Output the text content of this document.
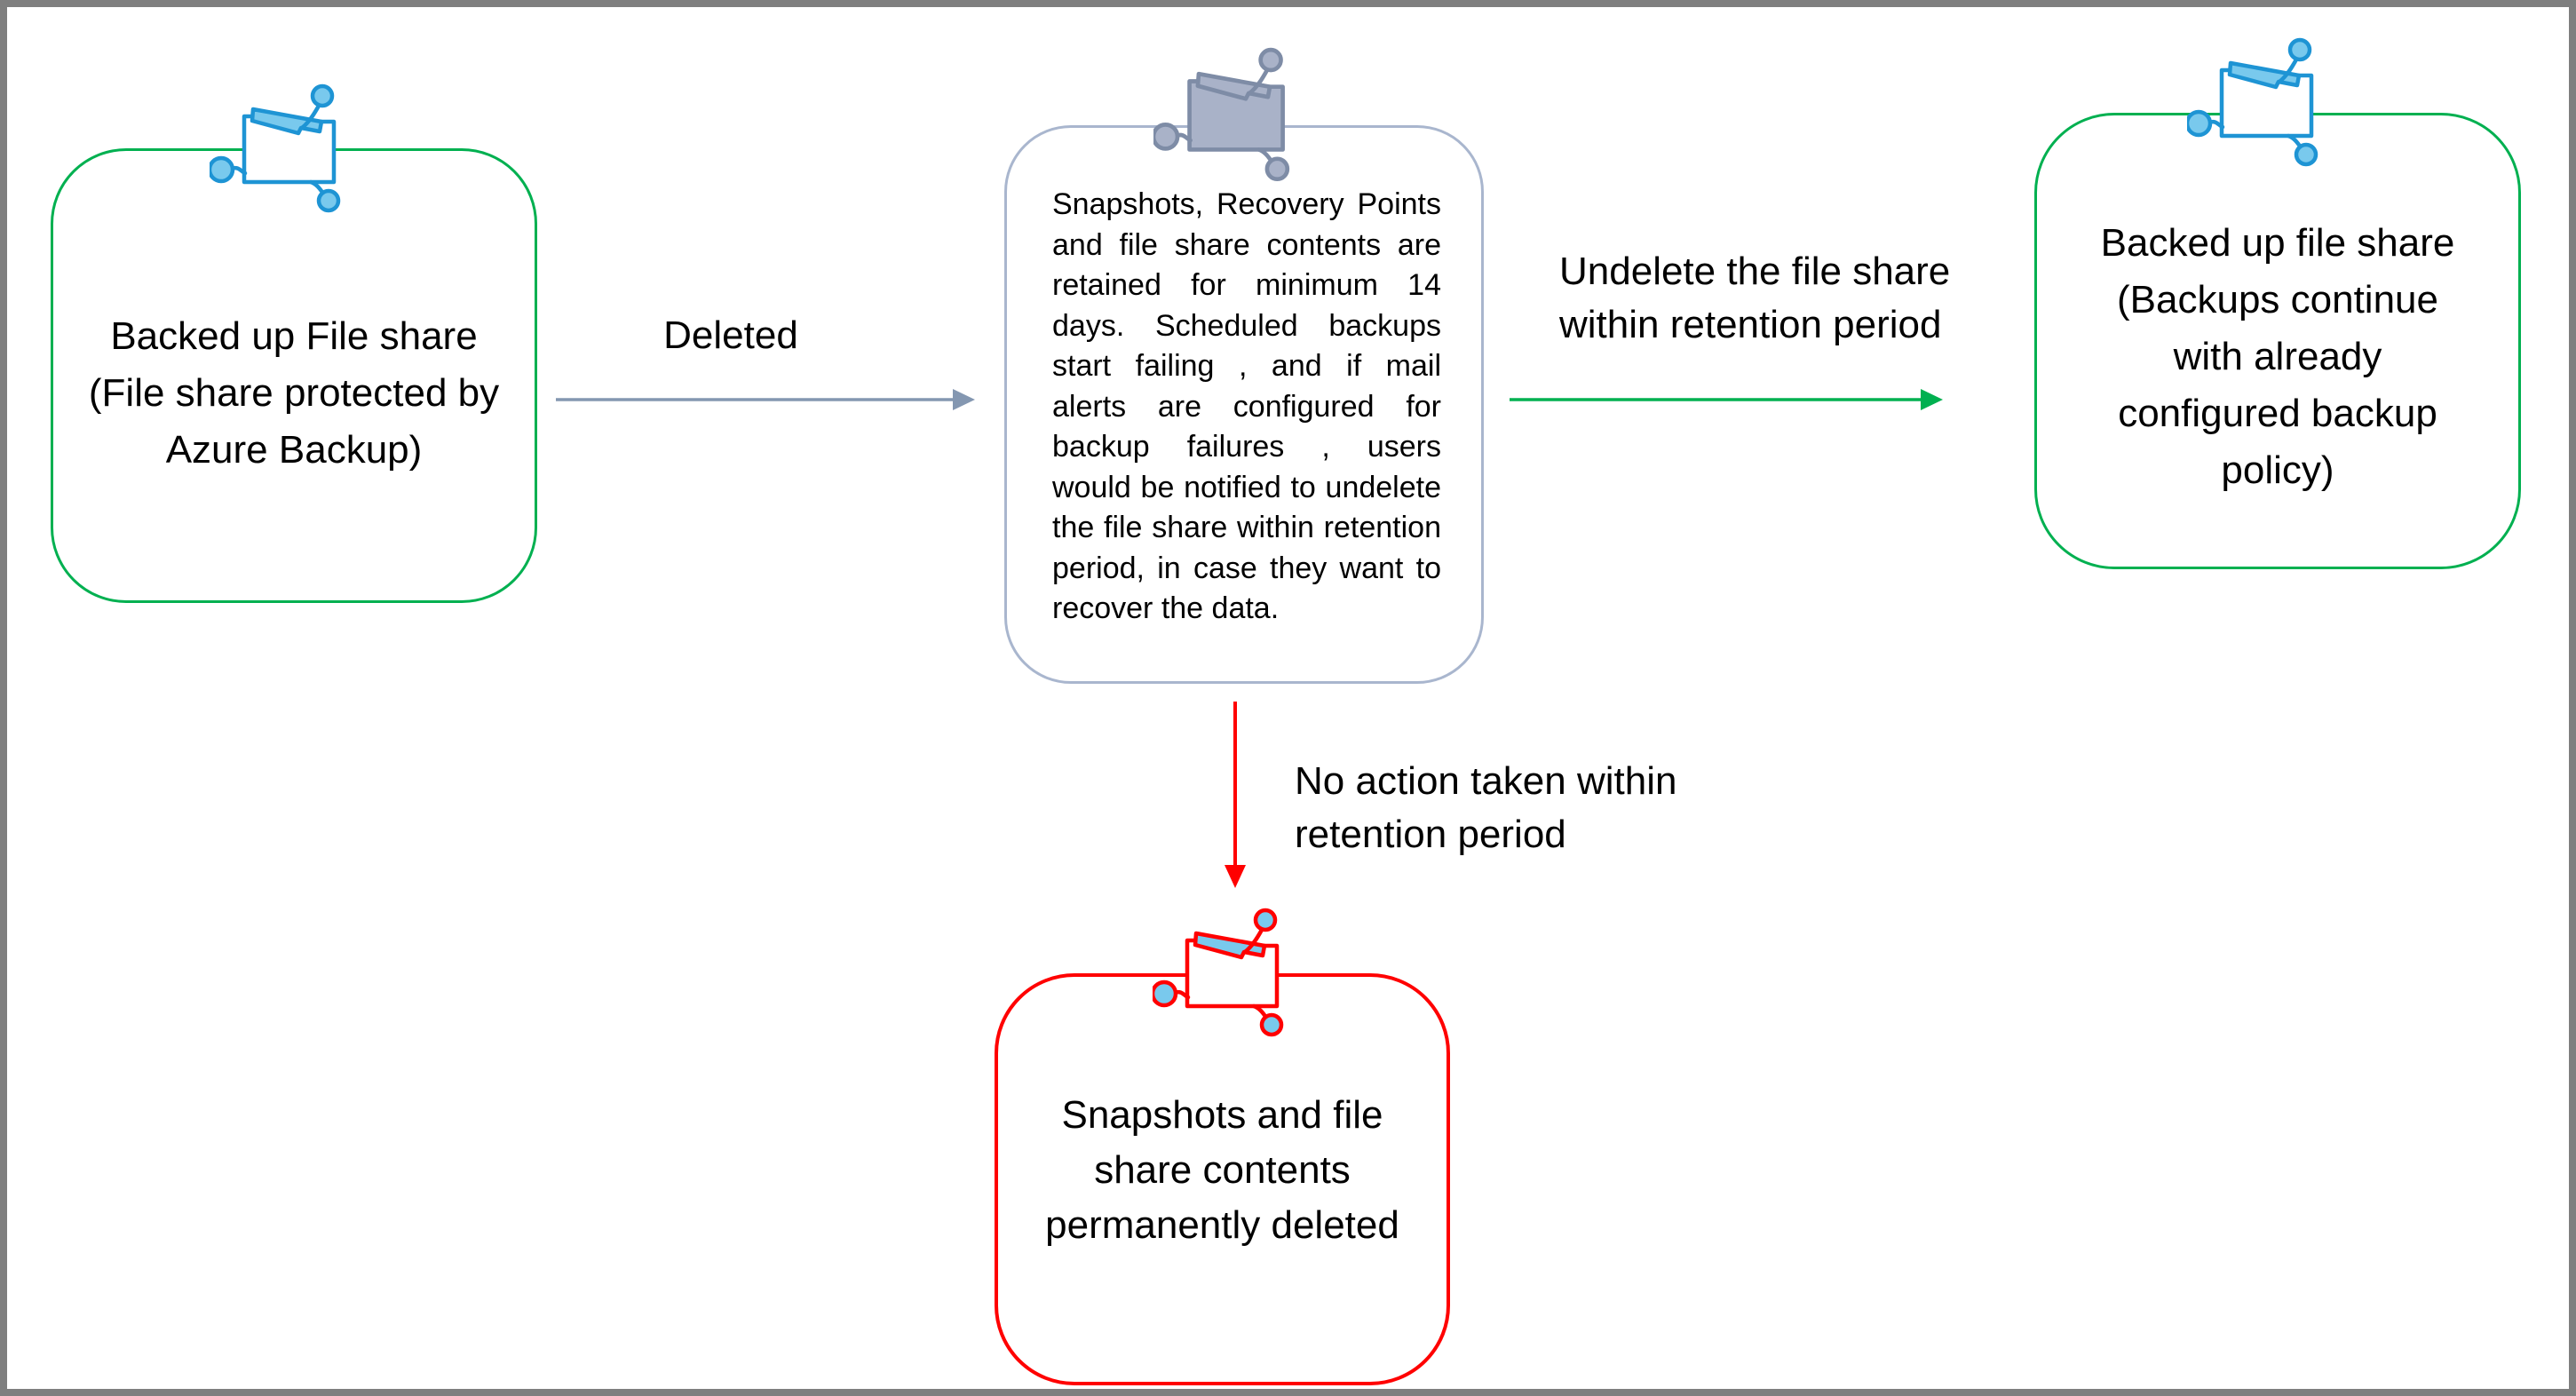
Backed up File share
(File share protected by
Azure Backup)
Snapshots, Recovery Points and file share contents are retained for minimum 14 days. Scheduled backups start failing , and if mail alerts are configured for backup failures , users would be notified to undelete the file share within retention period, in case they want to recover the data.
Backed up file share
(Backups continue
with already
configured backup
policy)
Snapshots and file
share contents
permanently deleted
Deleted
Undelete the file share
within retention period
No action taken within
retention period
